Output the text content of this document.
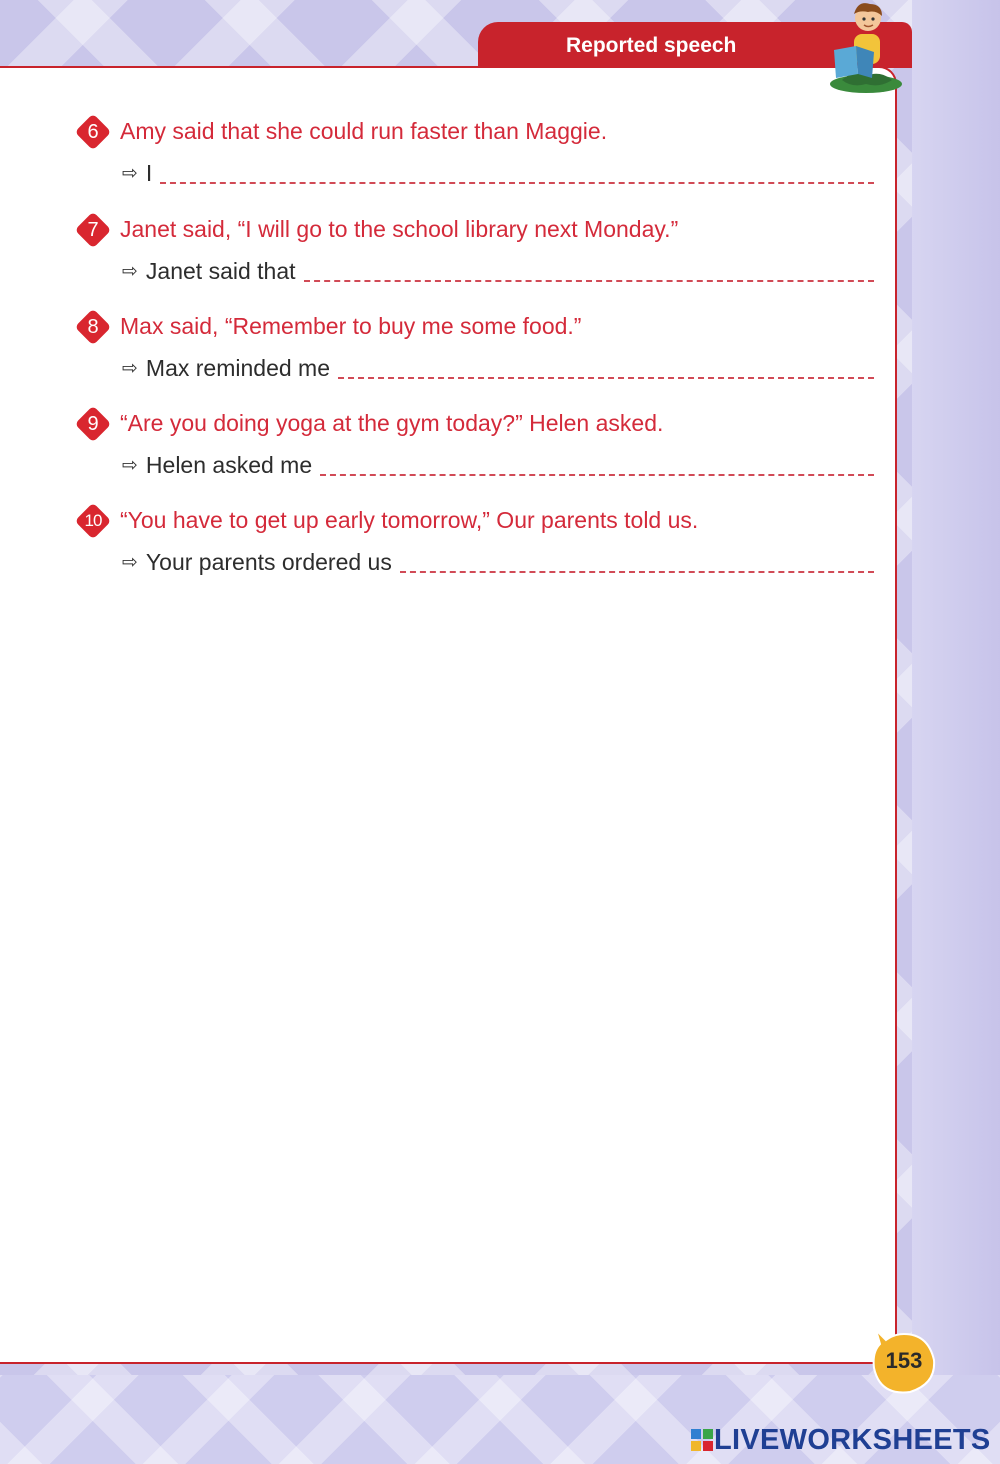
Reported speech
6 Amy said that she could run faster than Maggie.
⇨ I
7 Janet said, “I will go to the school library next Monday.”
⇨ Janet said that
8 Max said, “Remember to buy me some food.”
⇨ Max reminded me
9 “Are you doing yoga at the gym today?” Helen asked.
⇨ Helen asked me
10 “You have to get up early tomorrow,” Our parents told us.
⇨ Your parents ordered us
153
LIVEWORKSHEETS
